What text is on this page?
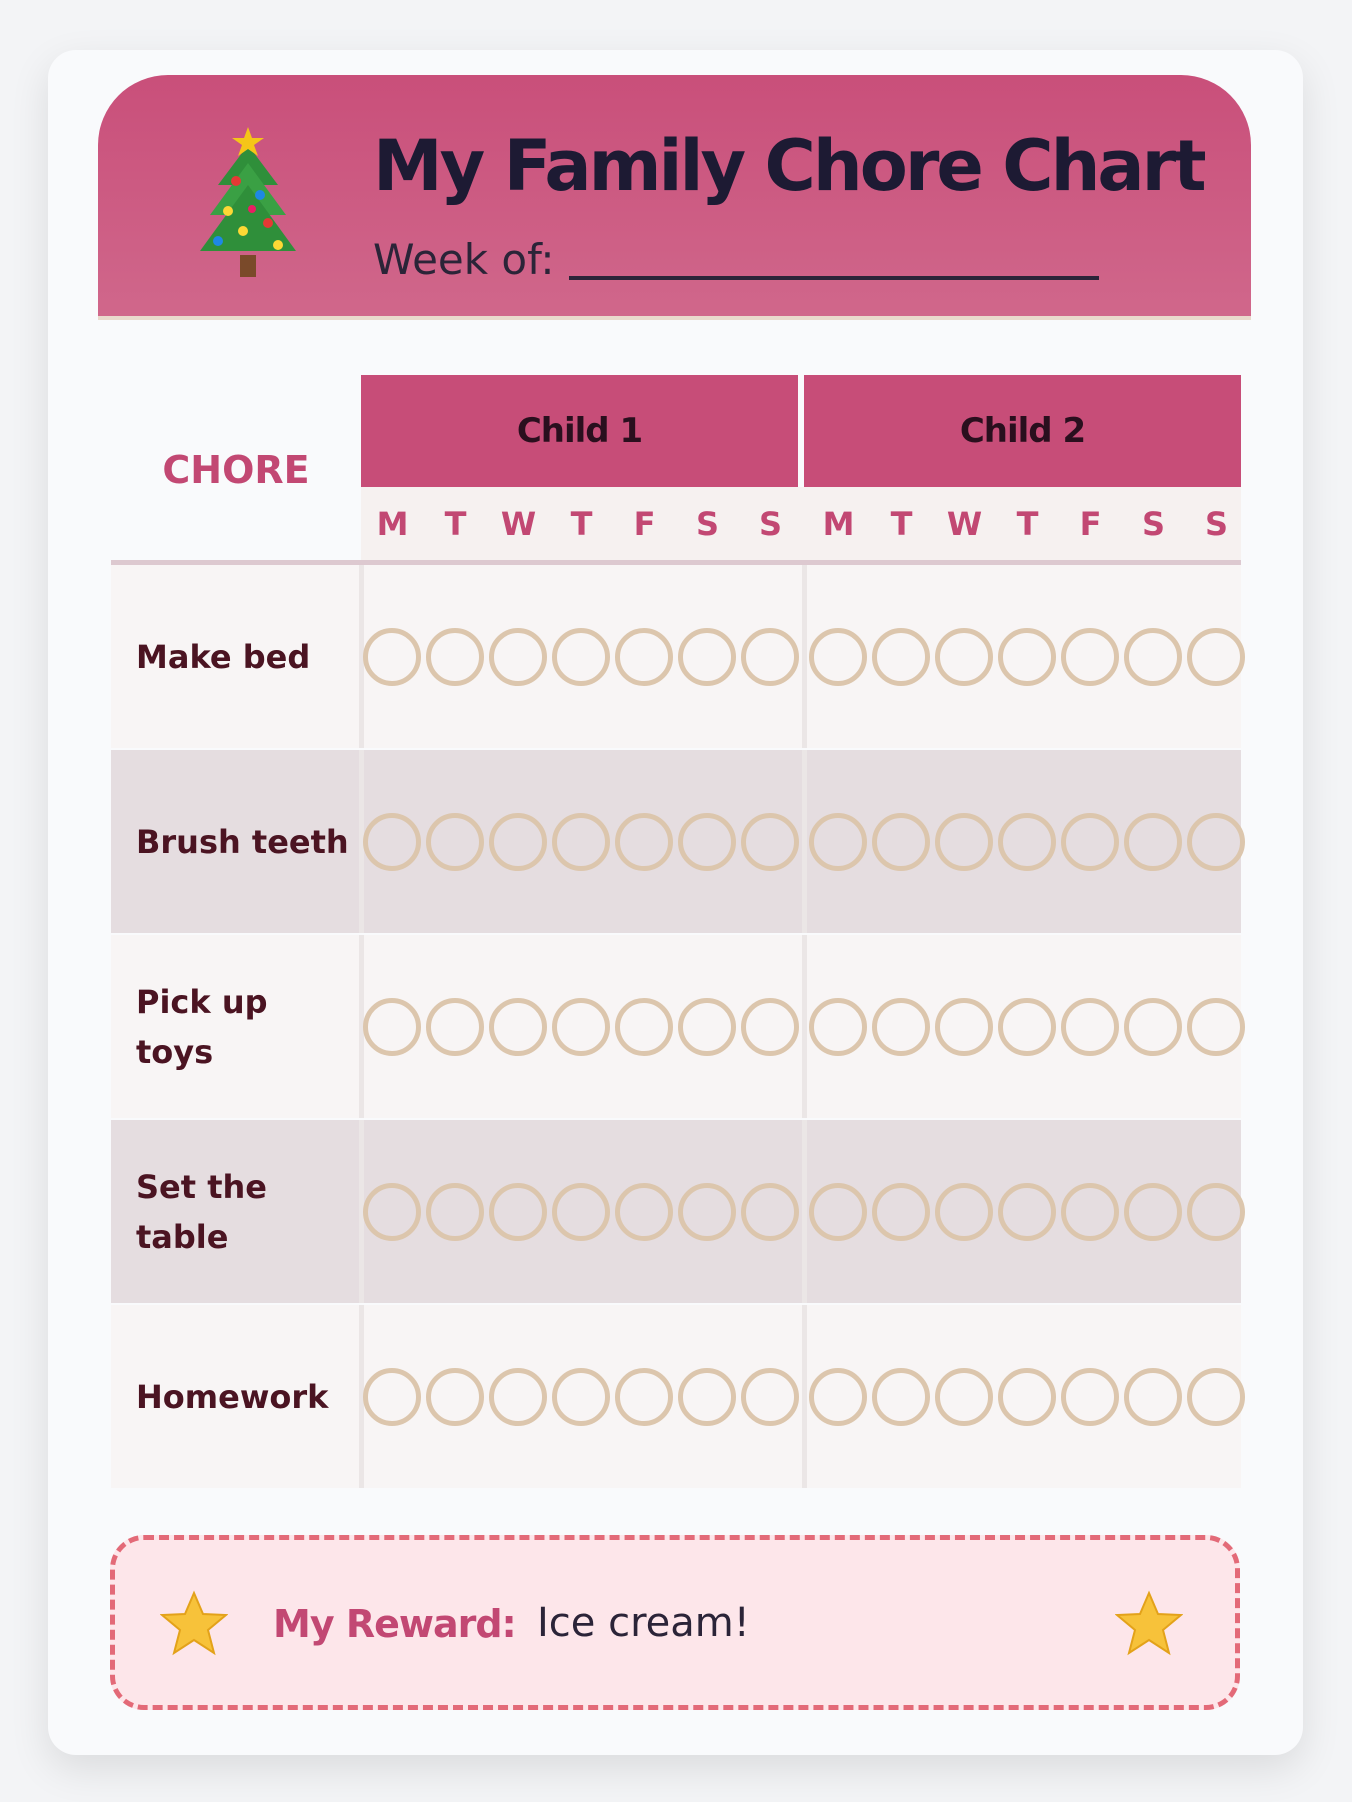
My Family Chore Chart
Week of:
CHORE
Child 1	Child 2
M	T	W	T	F	S	S	M	T	W	T	F	S	S
Make bed
Brush teeth
Pick up toys
Set the table
Homework
My Reward: Ice cream!
